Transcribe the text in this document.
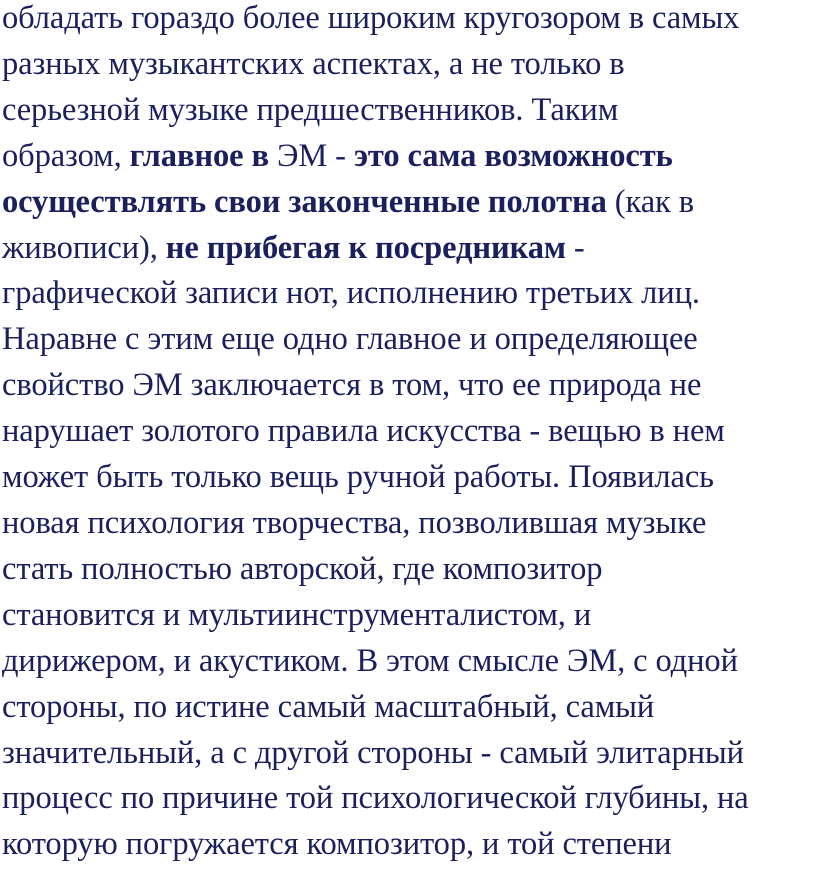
обладать гораздо более широким кругозором в самых
разных музыкантских аспектах, а не только в
серьезной музыке предшественников. Таким
образом, главное в ЭМ - это сама возможность
осуществлять свои законченные полотна (как в
живописи), не прибегая к посредникам -
графической записи нот, исполнению третьих лиц.
Наравне с этим еще одно главное и определяющее
свойство ЭМ заключается в том, что ее природа не
нарушает золотого правила искусства - вещью в нем
может быть только вещь ручной работы. Появилась
новая психология творчества, позволившая музыке
стать полностью авторской, где композитор
становится и мультиинструменталистом, и
дирижером, и акустиком. В этом смысле ЭМ, с одной
стороны, по истине самый масштабный, самый
значительный, а с другой стороны - самый элитарный
процесс по причине той психологической глубины, на
которую погружается композитор, и той степени
